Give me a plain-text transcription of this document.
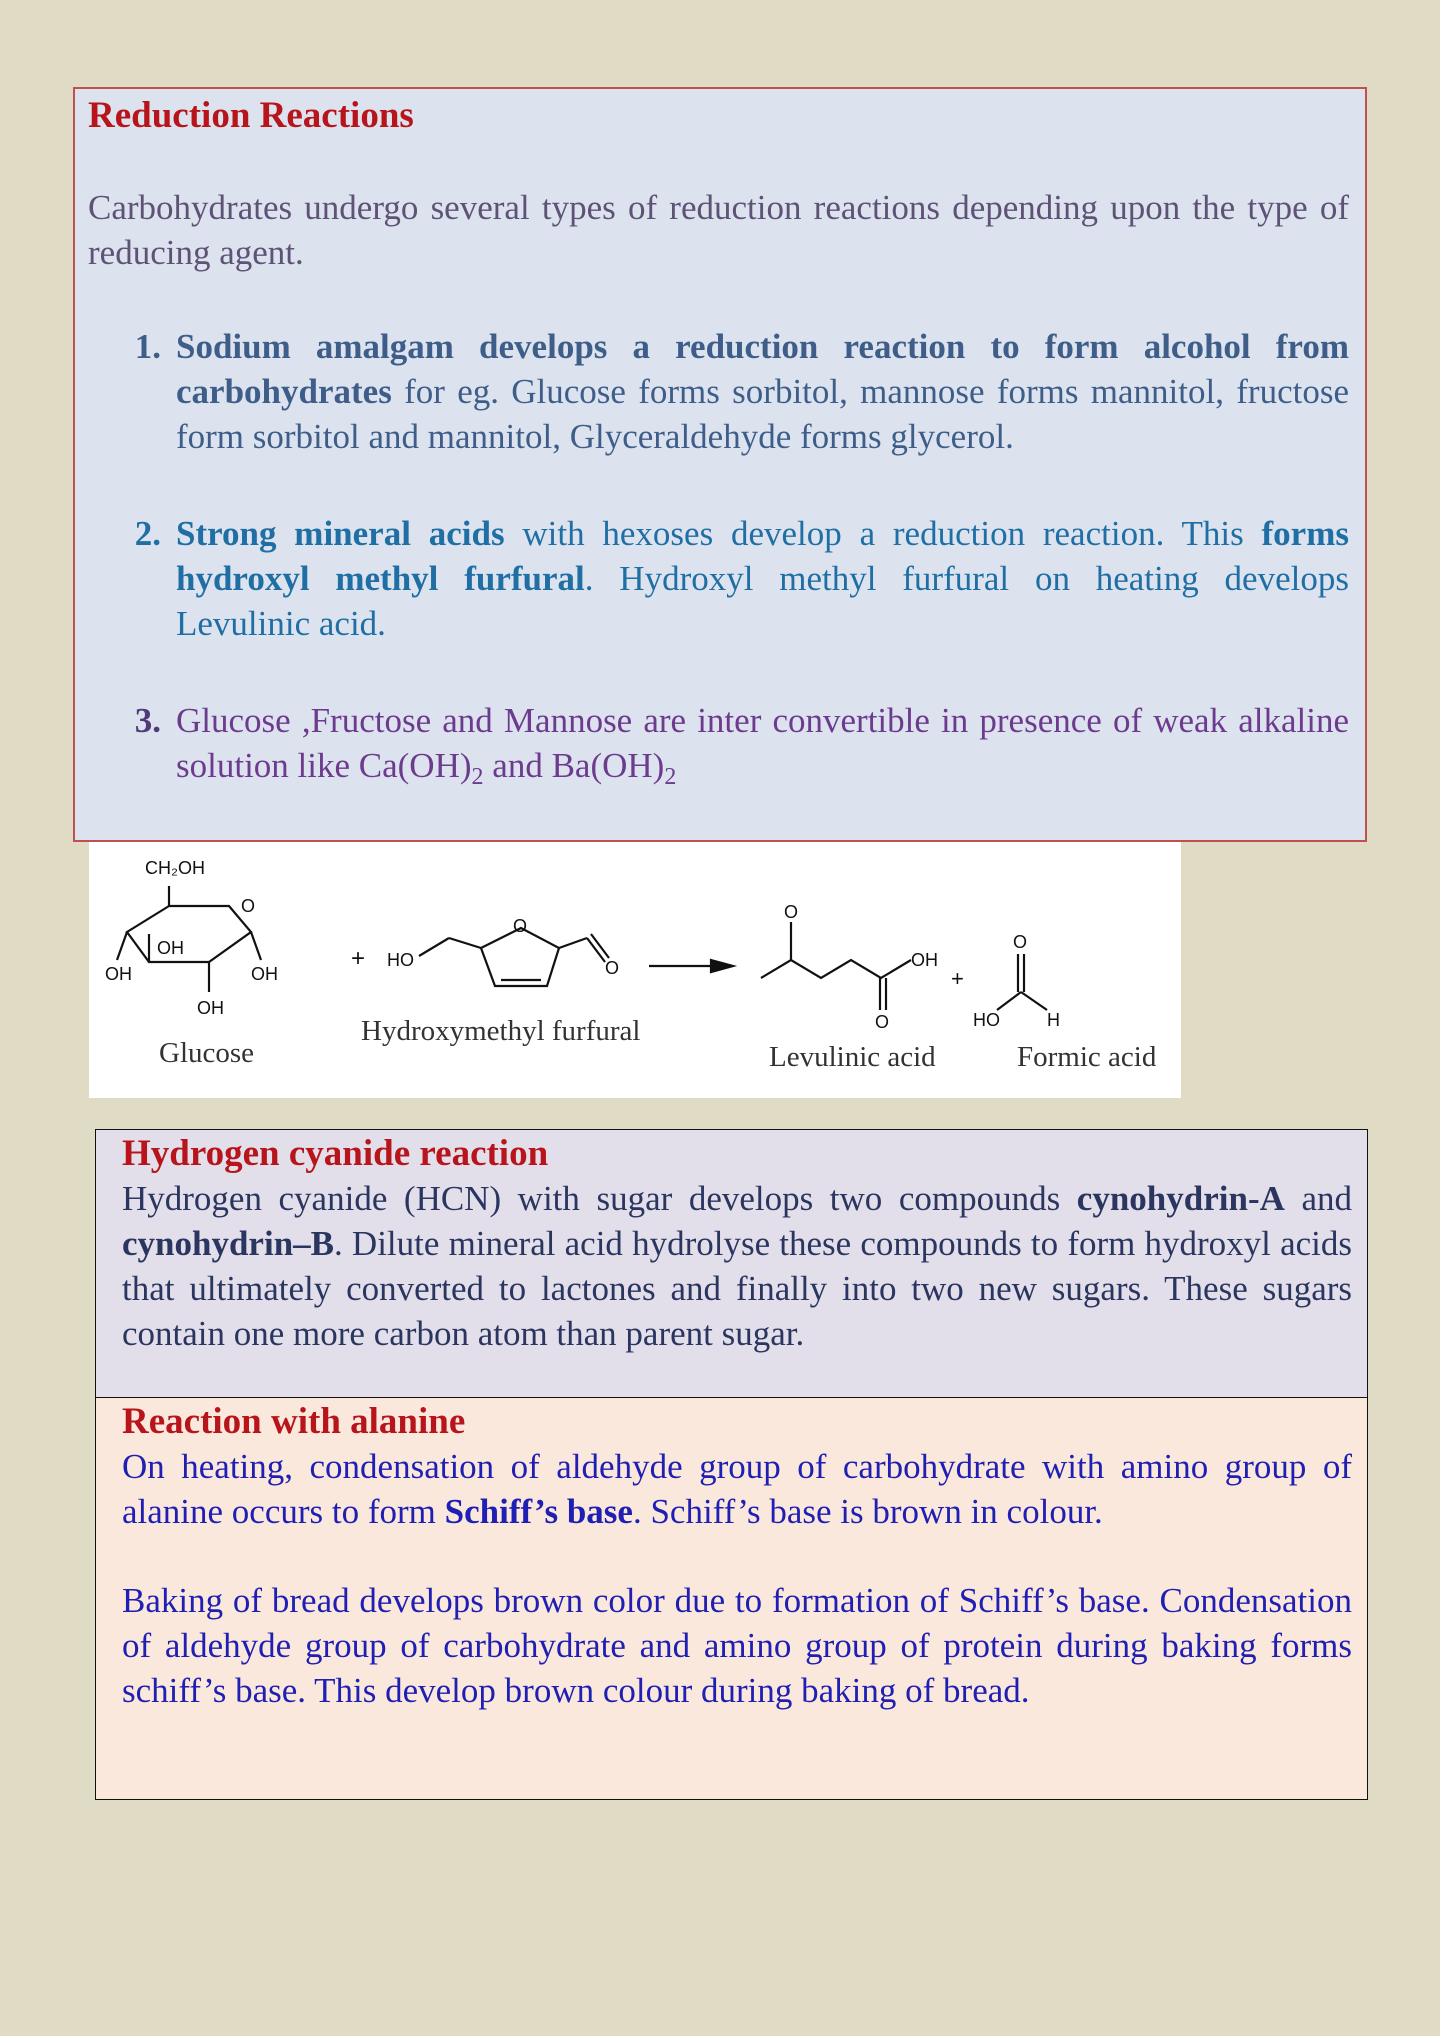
Reduction Reactions
Carbohydrates undergo several types of reduction reactions depending upon the type of reducing agent.
1. Sodium amalgam develops a reduction reaction to form alcohol from carbohydrates for eg. Glucose forms sorbitol, mannose forms mannitol, fructose form sorbitol and mannitol, Glyceraldehyde forms glycerol.
2. Strong mineral acids with hexoses develop a reduction reaction. This forms hydroxyl methyl furfural. Hydroxyl methyl furfural on heating develops Levulinic acid.
3. Glucose ,Fructose and Mannose are inter convertible in presence of weak alkaline solution like $Ca(OH)_2$ and $Ba(OH)_2$
CH₂OH
O
OH
OH	OH
OH
Glucose
+ HO
O
O
Hydroxymethyl furfural
O
OH
O
Levulinic acid
+
O
HO	H
Formic acid
Hydrogen cyanide reaction
Hydrogen cyanide (HCN) with sugar develops two compounds cynohydrin-A and cynohydrin–B. Dilute mineral acid hydrolyse these compounds to form hydroxyl acids that ultimately converted to lactones and finally into two new sugars. These sugars contain one more carbon atom than parent sugar.
Reaction with alanine
On heating, condensation of aldehyde group of carbohydrate with amino group of alanine occurs to form Schiff’s base. Schiff’s base is brown in colour.
Baking of bread develops brown color due to formation of Schiff’s base. Condensation of aldehyde group of carbohydrate and amino group of protein during baking forms schiff’s base. This develop brown colour during baking of bread.
